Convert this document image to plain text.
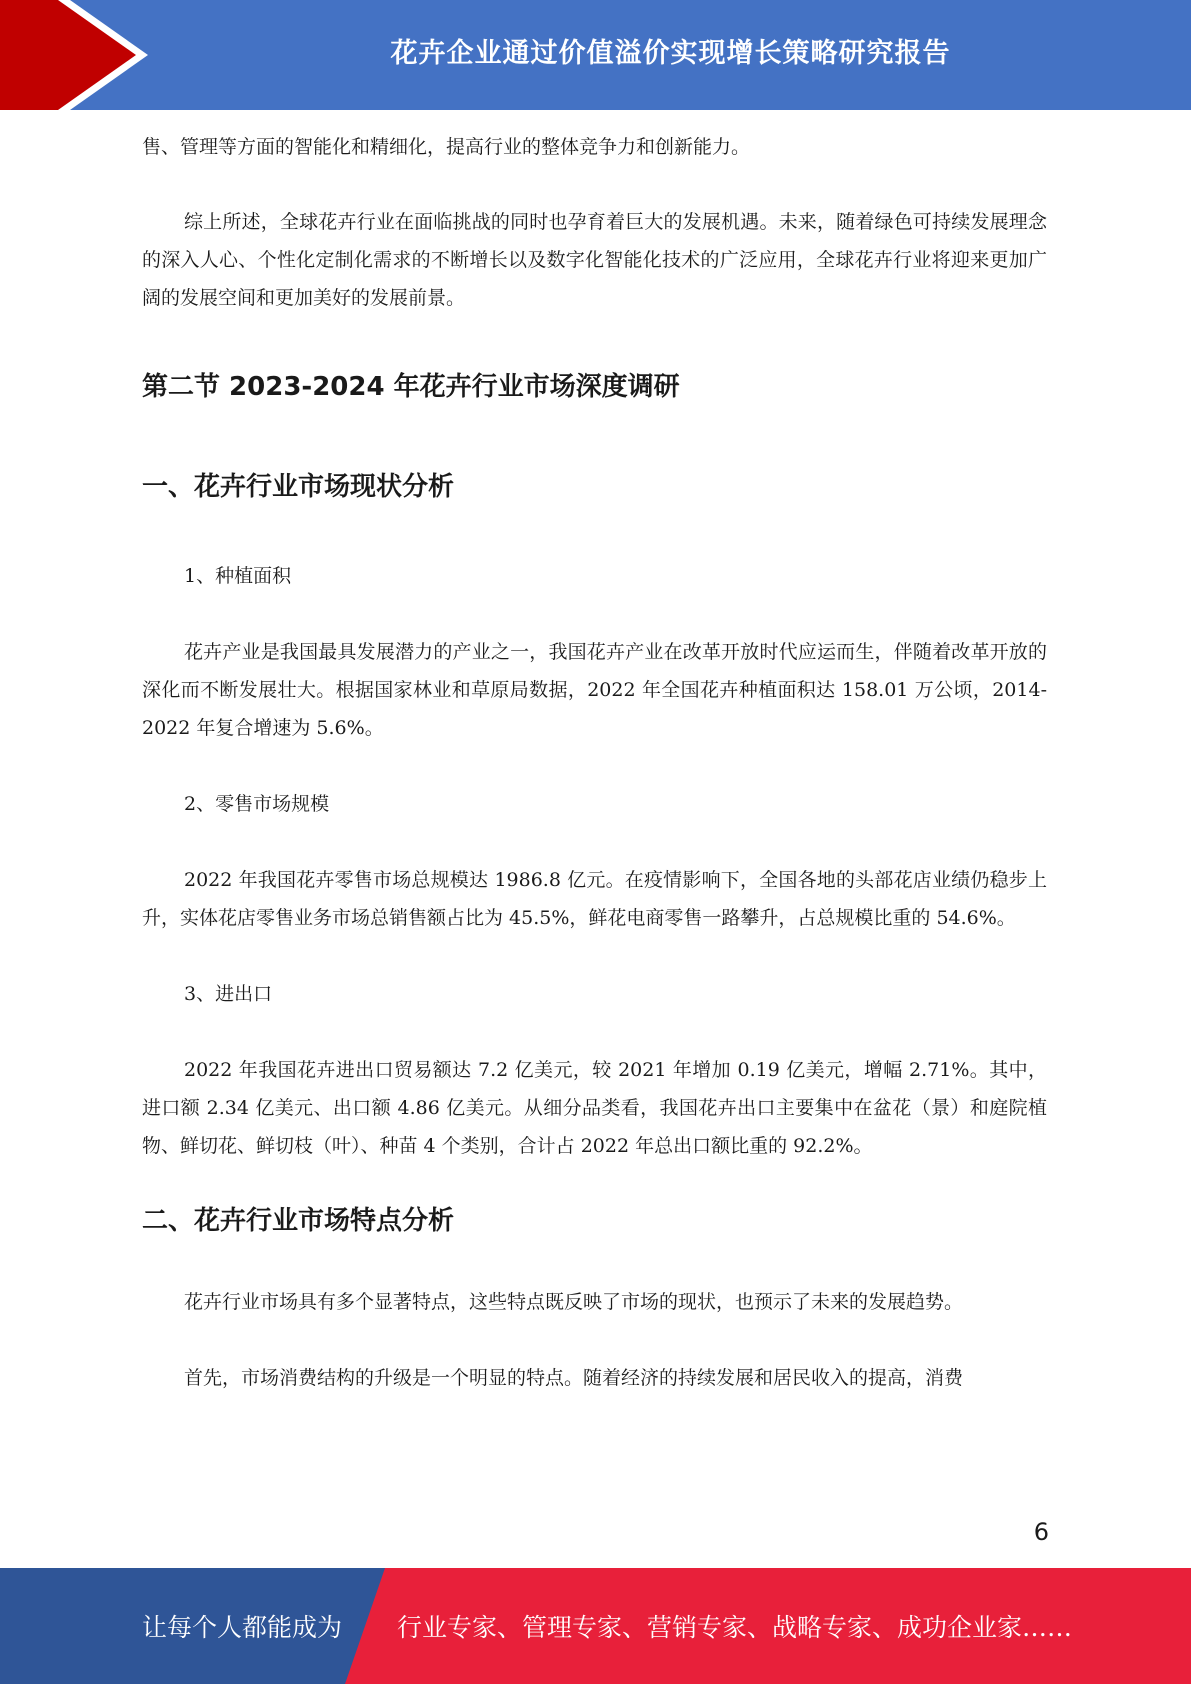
花卉企业通过价值溢价实现增长策略研究报告

售、管理等方面的智能化和精细化，提高行业的整体竞争力和创新能力。

综上所述，全球花卉行业在面临挑战的同时也孕育着巨大的发展机遇。未来，随着绿色可持续发展理念的深入人心、个性化定制化需求的不断增长以及数字化智能化技术的广泛应用，全球花卉行业将迎来更加广阔的发展空间和更加美好的发展前景。

第二节 2023-2024 年花卉行业市场深度调研
一、花卉行业市场现状分析

1、种植面积

花卉产业是我国最具发展潜力的产业之一，我国花卉产业在改革开放时代应运而生，伴随着改革开放的深化而不断发展壮大。根据国家林业和草原局数据，2022 年全国花卉种植面积达 158.01 万公顷，2014-2022 年复合增速为 5.6%。

2、零售市场规模

2022 年我国花卉零售市场总规模达 1986.8 亿元。在疫情影响下，全国各地的头部花店业绩仍稳步上升，实体花店零售业务市场总销售额占比为 45.5%，鲜花电商零售一路攀升，占总规模比重的 54.6%。

3、进出口

2022 年我国花卉进出口贸易额达 7.2 亿美元，较 2021 年增加 0.19 亿美元，增幅 2.71%。其中，进口额 2.34 亿美元、出口额 4.86 亿美元。从细分品类看，我国花卉出口主要集中在盆花（景）和庭院植物、鲜切花、鲜切枝（叶）、种苗 4 个类别，合计占 2022 年总出口额比重的 92.2%。

二、花卉行业市场特点分析

花卉行业市场具有多个显著特点，这些特点既反映了市场的现状，也预示了未来的发展趋势。

首先，市场消费结构的升级是一个明显的特点。随着经济的持续发展和居民收入的提高，消费

6
让每个人都能成为 行业专家、管理专家、营销专家、战略专家、成功企业家……
